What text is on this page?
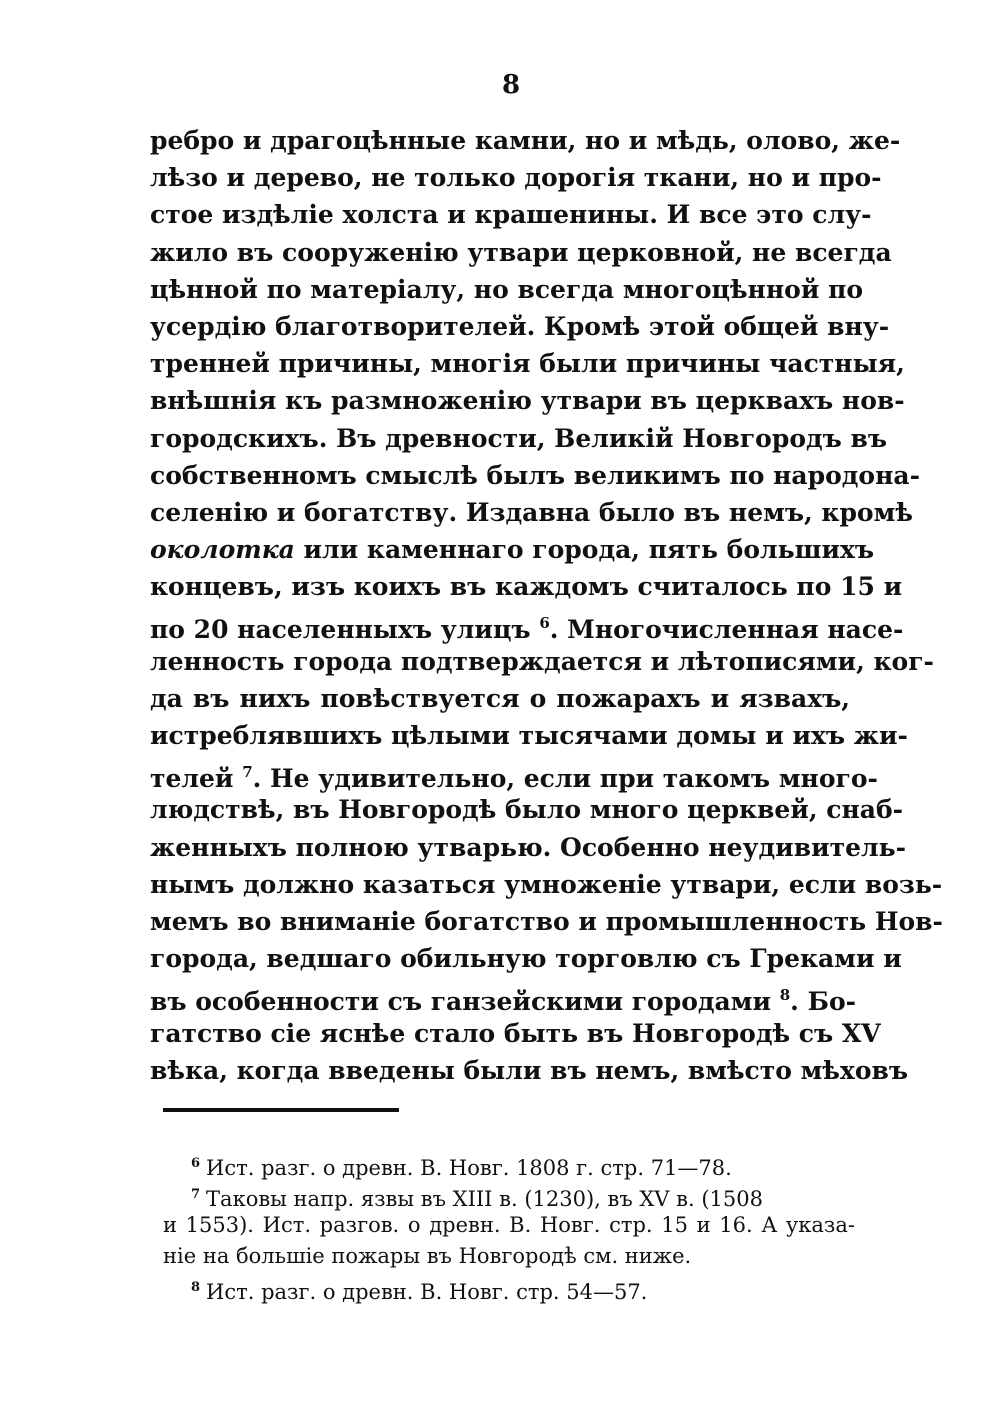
8
ребро и драгоцѣнные камни, но и мѣдь, олово, же-
лѣзо и дерево, не только дорогія ткани, но и про-
стое издѣліе холста и крашенины. И все это слу-
жило въ сооруженію утвари церковной, не всегда
цѣнной по матеріалу, но всегда многоцѣнной по
усердію благотворителей. Кромѣ этой общей вну-
тренней причины, многія были причины частныя,
внѣшнія къ размноженію утвари въ церквахъ нов-
городскихъ. Въ древности, Великій Новгородъ въ
собственномъ смыслѣ былъ великимъ по народона-
селенію и богатству. Издавна было въ немъ, кромѣ
околотка или каменнаго города, пять большихъ
концевъ, изъ коихъ въ каждомъ считалось по 15 и
по 20 населенныхъ улицъ $^6$. Многочисленная насе-
ленность города подтверждается и лѣтописями, ког-
да въ нихъ повѣствуется о пожарахъ и язвахъ,
истреблявшихъ цѣлыми тысячами домы и ихъ жи-
телей $^7$. Не удивительно, если при такомъ много-
людствѣ, въ Новгородѣ было много церквей, снаб-
женныхъ полною утварью. Особенно неудивитель-
нымъ должно казаться умноженіе утвари, если возь-
мемъ во вниманіе богатство и промышленность Нов-
города, ведшаго обильную торговлю съ Греками и
въ особенности съ ганзейскими городами $^8$. Бо-
гатство сіе яснѣе стало быть въ Новгородѣ съ XV
вѣка, когда введены были въ немъ, вмѣсто мѣховъ
$^6$ Ист. разг. о древн. В. Новг. 1808 г. стр. 71—78.
$^7$ Таковы напр. язвы въ XIII в. (1230), въ XV в. (1508
и 1553). Ист. разгов. о древн. В. Новг. стр. 15 и 16. А указа-
ніе на большіе пожары въ Новгородѣ см. ниже.
$^8$ Ист. разг. о древн. В. Новг. стр. 54—57.
